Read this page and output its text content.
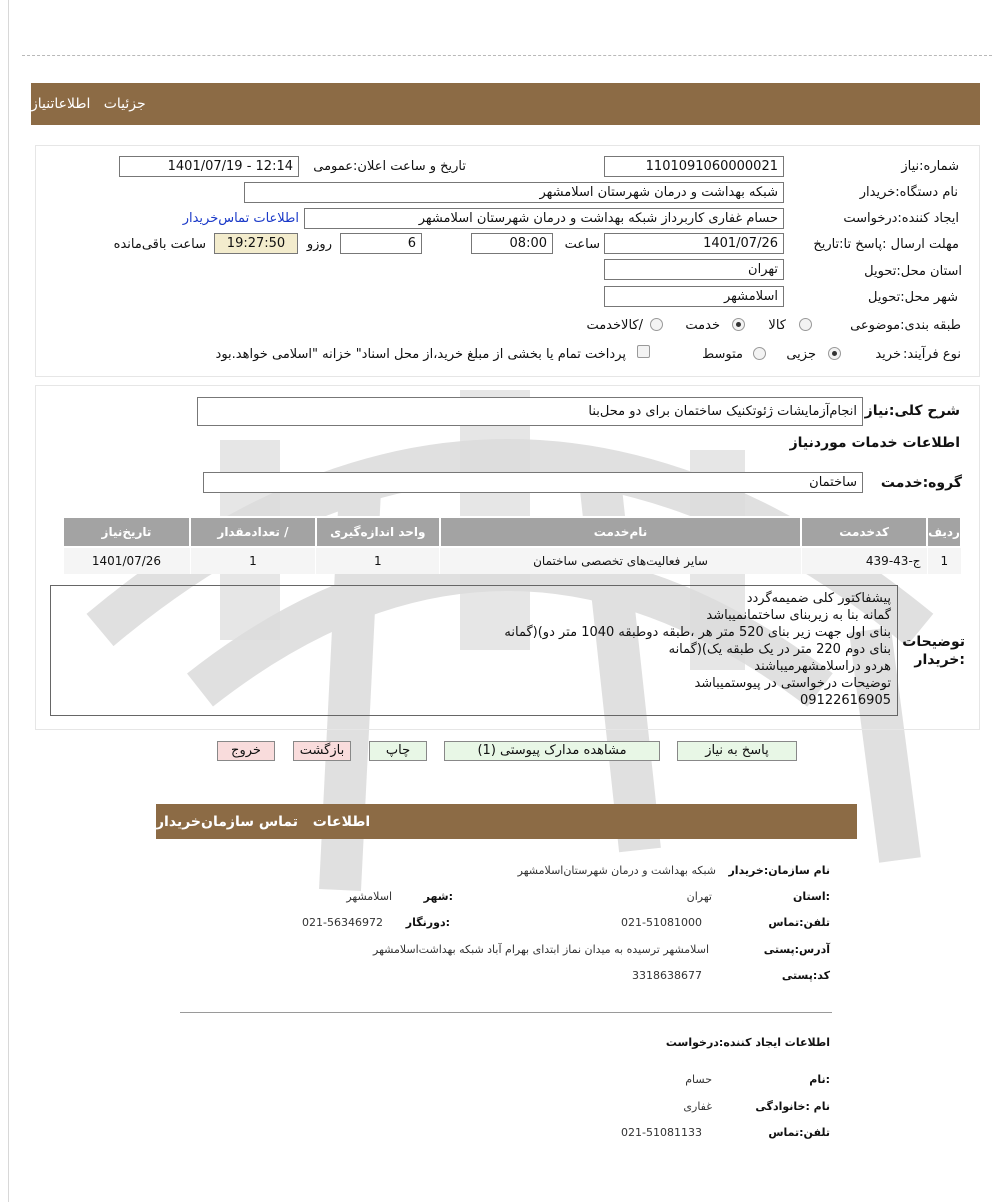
جزئیات   اطلاعاتنیاز
شماره:نیاز
1101091060000021
تاریخ و ساعت اعلان:عمومی
1401/07/19 - 12:14
نام دستگاه:خریدار
شبکه بهداشت و درمان شهرستان اسلامشهر
ایجاد کننده:درخواست
حسام غفاری کاربرداز شبکه بهداشت و درمان شهرستان اسلامشهر
اطلاعات تماس‌خریدار
مهلت ارسال :پاسخ تا:تاریخ
1401/07/26
ساعت
08:00
6
روزو
19:27:50
ساعت باقی‌مانده
استان محل:تحویل
تهران
شهر محل:تحویل
اسلامشهر
طبقه بندی:موضوعی
کالا
خدمت
/کالاخدمت
نوع فرآیند:
خرید
جزیی
متوسط
پرداخت تمام یا بخشی از مبلغ خرید،از محل اسناد" خزانه "اسلامی خواهد.بود
شرح کلی:نیاز
انجام‌آزمایشات ژئوتکنیک ساختمان برای دو محل‌بنا
اطلاعات خدمات موردنیاز
گروه:خدمت
ساختمان
ردیف	کدخدمت	نام‌خدمت	واحد اندازه‌گیری	/ تعدادمقدار	تاریخ‌نیاز
1	ج-43-439	سایر فعالیت‌های تخصصی ساختمان	1	1	1401/07/26
توضیحات :خریدار
پیشفاکتور کلی ضمیمه‌گردد
گمانه بنا به زیربنای ساختمانمیباشد
بنای اول جهت زیر بنای 520 متر هر ،طبقه دوطبقه 1040 متر دو)(گمانه
بنای دوم 220 متر در یک طبقه یک)(گمانه
هردو دراسلامشهرمیباشند
توضیحات درخواستی در پیوستمیباشد
09122616905
پاسخ به نیاز
مشاهده مدارک پیوستی (1)
چاپ
بازگشت
خروج
اطلاعات   تماس سازمان‌خریدار
نام سازمان:خریدار
شبکه بهداشت و درمان شهرستان‌اسلامشهر
:استان
تهران
:شهر
اسلامشهر
تلفن:تماس
021-51081000
:دورنگار
021-56346972
آدرس:پستی
اسلامشهر ترسیده به میدان نماز ابتدای بهرام آباد شبکه بهداشت‌اسلامشهر
کد:پستی
3318638677
اطلاعات ایجاد کننده:درخواست
:نام
حسام
نام :خانوادگی
غفاری
تلفن:تماس
021-51081133
